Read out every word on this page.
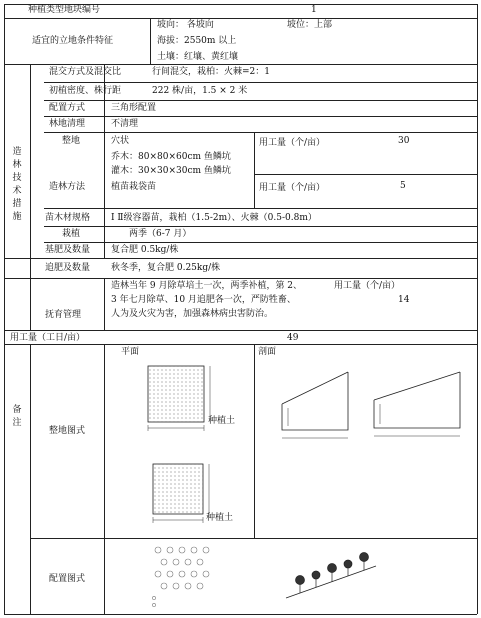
种植类型地块编号	1
适宜的立地条件特征
坡向： 各坡向	坡位：上部
海拔：2550m 以上
土壤：红壤、黄红壤
造林技术措施
混交方式及混交比	行间混交，栽柏：火棘=2：1
初植密度、株行距	222 株/亩，1.5 × 2 米
配置方式	三角形配置
林地清理	不清理
整地	穴状
乔木：80×80×60cm 鱼鳞坑
灌木：30×30×30cm 鱼鳞坑
用工量（个/亩）	30
造林方法	植苗栽袋苗	用工量（个/亩）	5
苗木材规格 Ⅰ Ⅱ级容器苗，栽柏（1.5-2m）、火棘（0.5-0.8m）
栽植	两季（6-7 月）
基肥及数量 复合肥 0.5kg/株
追肥及数量 秋冬季，复合肥 0.25kg/株
抚育管理
造林当年 9 月除草培土一次，两季补植，第 2、	用工量（个/亩）
3 年七月除草、10 月追肥各一次，严防牲畜、	14
人为及火灾为害，加强森林病虫害防治。
用工量（工日/亩）	49
备注
平面	剖面
整地图式
配置图式
种植土
种植土
